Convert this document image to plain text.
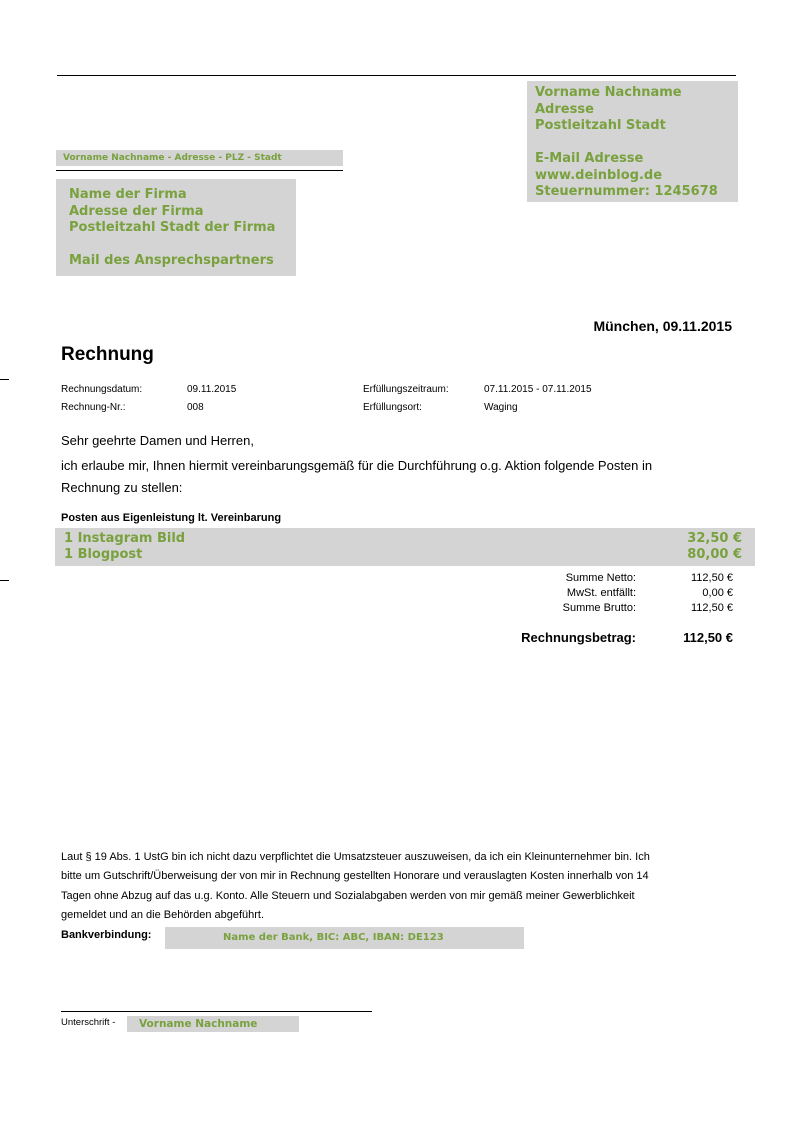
Vorname Nachname
Adresse
Postleitzahl Stadt
E-Mail Adresse
www.deinblog.de
Steuernummer: 1245678
Vorname Nachname - Adresse - PLZ - Stadt
Name der Firma
Adresse der Firma
Postleitzahl Stadt der Firma
Mail des Ansprechspartners
München, 09.11.2015
Rechnung
Rechnungsdatum:	09.11.2015
Rechnung-Nr.:	008
Erfüllungszeitraum:	07.11.2015 - 07.11.2015
Erfüllungsort:	Waging
Sehr geehrte Damen und Herren,
ich erlaube mir, Ihnen hiermit vereinbarungsgemäß für die Durchführung o.g. Aktion folgende Posten in
Rechnung zu stellen:
Posten aus Eigenleistung lt. Vereinbarung
1 Instagram Bild	32,50 €
1 Blogpost	80,00 €
Summe Netto:	112,50 €
MwSt. entfällt:	0,00 €
Summe Brutto:	112,50 €
Rechnungsbetrag:	112,50 €
Laut § 19 Abs. 1 UstG bin ich nicht dazu verpflichtet die Umsatzsteuer auszuweisen, da ich ein Kleinunternehmer bin. Ich
bitte um Gutschrift/Überweisung der von mir in Rechnung gestellten Honorare und verauslagten Kosten innerhalb von 14
Tagen ohne Abzug auf das u.g. Konto. Alle Steuern und Sozialabgaben werden von mir gemäß meiner Gewerblichkeit
gemeldet und an die Behörden abgeführt.
Bankverbindung:	Name der Bank, BIC: ABC, IBAN: DE123
Unterschrift - Vorname Nachname
